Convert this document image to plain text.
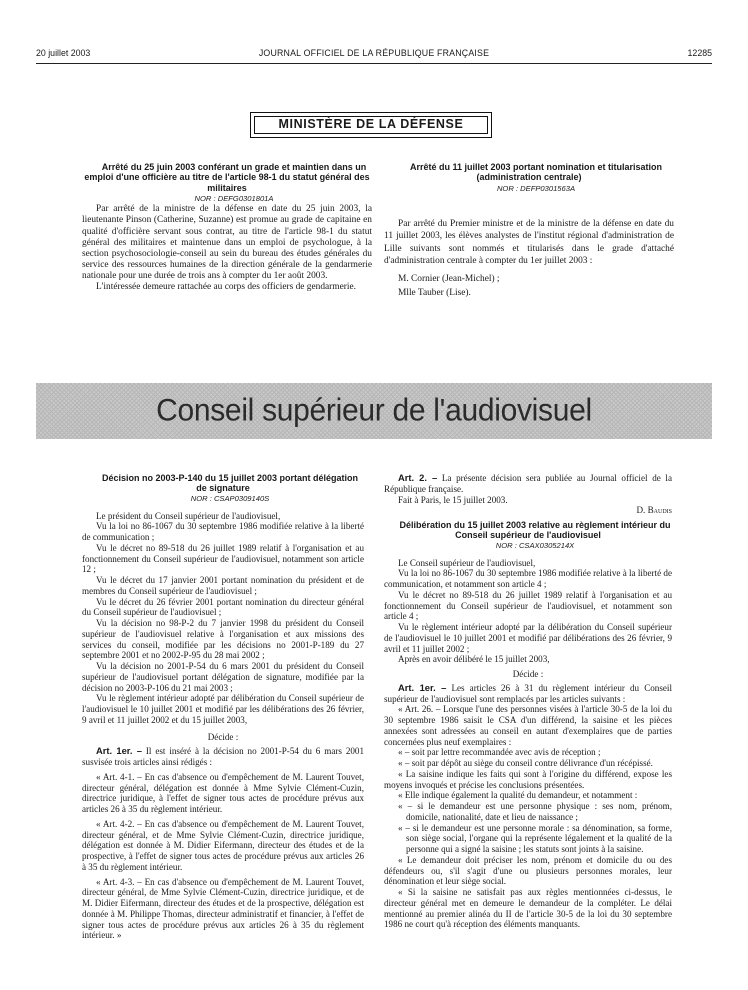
20 juillet 2003	JOURNAL OFFICIEL DE LA RÉPUBLIQUE FRANÇAISE	12285
MINISTÈRE DE LA DÉFENSE

Arrêté du 25 juin 2003 conférant un grade et maintien dans un emploi d'une officière au titre de l'article 98-1 du statut général des militaires

NOR : DEFG0301801A

Par arrêté de la ministre de la défense en date du 25 juin 2003, la lieutenante Pinson (Catherine, Suzanne) est promue au grade de capitaine en qualité d'officière servant sous contrat, au titre de l'article 98-1 du statut général des militaires et maintenue dans un emploi de psychologue, à la section psychosociologie-conseil au sein du bureau des études générales du service des ressources humaines de la direction générale de la gendarmerie nationale pour une durée de trois ans à compter du 1er août 2003.

L'intéressée demeure rattachée au corps des officiers de gendarmerie.

Arrêté du 11 juillet 2003 portant nomination et titularisation (administration centrale)

NOR : DEFP0301563A

Par arrêté du Premier ministre et de la ministre de la défense en date du 11 juillet 2003, les élèves analystes de l'institut régional d'administration de Lille suivants sont nommés et titularisés dans le grade d'attaché d'administration centrale à compter du 1er juillet 2003 :

M. Cornier (Jean-Michel) ;

Mlle Tauber (Lise).

Conseil supérieur de l'audiovisuel

Décision no 2003-P-140 du 15 juillet 2003 portant délégation de signature

NOR : CSAP0309140S

Le président du Conseil supérieur de l'audiovisuel,

Vu la loi no 86-1067 du 30 septembre 1986 modifiée relative à la liberté de communication ;

Vu le décret no 89-518 du 26 juillet 1989 relatif à l'organisation et au fonctionnement du Conseil supérieur de l'audiovisuel, notamment son article 12 ;

Vu le décret du 17 janvier 2001 portant nomination du président et de membres du Conseil supérieur de l'audiovisuel ;

Vu le décret du 26 février 2001 portant nomination du directeur général du Conseil supérieur de l'audiovisuel ;

Vu la décision no 98-P-2 du 7 janvier 1998 du président du Conseil supérieur de l'audiovisuel relative à l'organisation et aux missions des services du conseil, modifiée par les décisions no 2001-P-189 du 27 septembre 2001 et no 2002-P-95 du 28 mai 2002 ;

Vu la décision no 2001-P-54 du 6 mars 2001 du président du Conseil supérieur de l'audiovisuel portant délégation de signature, modifiée par la décision no 2003-P-106 du 21 mai 2003 ;

Vu le règlement intérieur adopté par délibération du Conseil supérieur de l'audiovisuel le 10 juillet 2001 et modifié par les délibérations des 26 février, 9 avril et 11 juillet 2002 et du 15 juillet 2003,

Décide :

Art. 1er. – Il est inséré à la décision no 2001-P-54 du 6 mars 2001 susvisée trois articles ainsi rédigés :

« Art. 4-1. – En cas d'absence ou d'empêchement de M. Laurent Touvet, directeur général, délégation est donnée à Mme Sylvie Clément-Cuzin, directrice juridique, à l'effet de signer tous actes de procédure prévus aux articles 26 à 35 du règlement intérieur.

« Art. 4-2. – En cas d'absence ou d'empêchement de M. Laurent Touvet, directeur général, et de Mme Sylvie Clément-Cuzin, directrice juridique, délégation est donnée à M. Didier Eifermann, directeur des études et de la prospective, à l'effet de signer tous actes de procédure prévus aux articles 26 à 35 du règlement intérieur.

« Art. 4-3. – En cas d'absence ou d'empêchement de M. Laurent Touvet, directeur général, de Mme Sylvie Clément-Cuzin, directrice juridique, et de M. Didier Eifermann, directeur des études et de la prospective, délégation est donnée à M. Philippe Thomas, directeur administratif et financier, à l'effet de signer tous actes de procédure prévus aux articles 26 à 35 du règlement intérieur. »

Art. 2. – La présente décision sera publiée au Journal officiel de la République française.

Fait à Paris, le 15 juillet 2003.

D. Baudis

Délibération du 15 juillet 2003 relative au règlement intérieur du Conseil supérieur de l'audiovisuel

NOR : CSAX0305214X

Le Conseil supérieur de l'audiovisuel,

Vu la loi no 86-1067 du 30 septembre 1986 modifiée relative à la liberté de communication, et notamment son article 4 ;

Vu le décret no 89-518 du 26 juillet 1989 relatif à l'organisation et au fonctionnement du Conseil supérieur de l'audiovisuel, et notamment son article 4 ;

Vu le règlement intérieur adopté par la délibération du Conseil supérieur de l'audiovisuel le 10 juillet 2001 et modifié par délibérations des 26 février, 9 avril et 11 juillet 2002 ;

Après en avoir délibéré le 15 juillet 2003,

Décide :

Art. 1er. – Les articles 26 à 31 du règlement intérieur du Conseil supérieur de l'audiovisuel sont remplacés par les articles suivants :

« Art. 26. – Lorsque l'une des personnes visées à l'article 30-5 de la loi du 30 septembre 1986 saisit le CSA d'un différend, la saisine et les pièces annexées sont adressées au conseil en autant d'exemplaires que de parties concernées plus neuf exemplaires :

« – soit par lettre recommandée avec avis de réception ;

« – soit par dépôt au siège du conseil contre délivrance d'un récépissé.

« La saisine indique les faits qui sont à l'origine du différend, expose les moyens invoqués et précise les conclusions présentées.

« Elle indique également la qualité du demandeur, et notamment :

« – si le demandeur est une personne physique : ses nom, prénom, domicile, nationalité, date et lieu de naissance ;

« – si le demandeur est une personne morale : sa dénomination, sa forme, son siège social, l'organe qui la représente légalement et la qualité de la personne qui a signé la saisine ; les statuts sont joints à la saisine.

« Le demandeur doit préciser les nom, prénom et domicile du ou des défendeurs ou, s'il s'agit d'une ou plusieurs personnes morales, leur dénomination et leur siège social.

« Si la saisine ne satisfait pas aux règles mentionnées ci-dessus, le directeur général met en demeure le demandeur de la compléter. Le délai mentionné au premier alinéa du II de l'article 30-5 de la loi du 30 septembre 1986 ne court qu'à réception des éléments manquants.
